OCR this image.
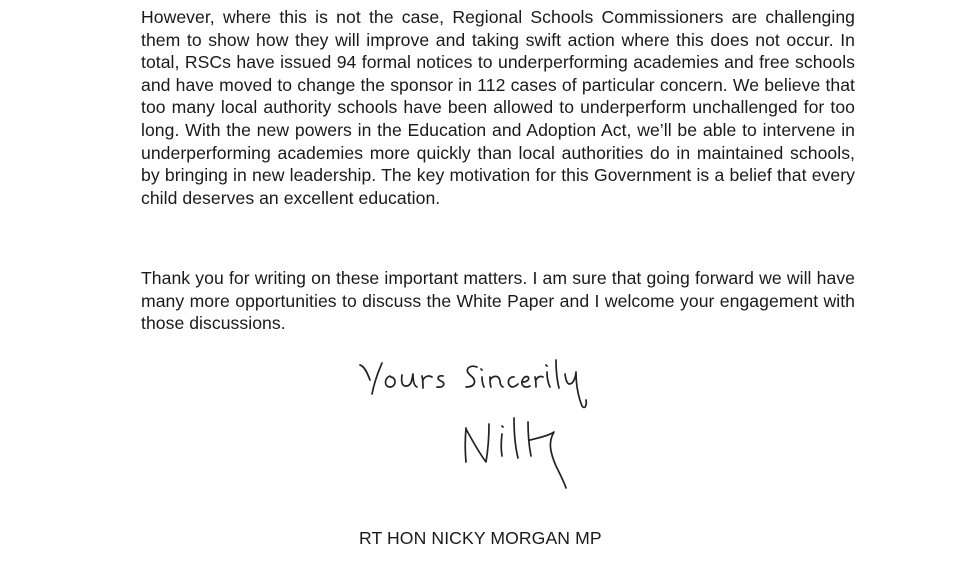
However, where this is not the case, Regional Schools Commissioners are challenging them to show how they will improve and taking swift action where this does not occur. In total, RSCs have issued 94 formal notices to underperforming academies and free schools and have moved to change the sponsor in 112 cases of particular concern. We believe that too many local authority schools have been allowed to underperform unchallenged for too long. With the new powers in the Education and Adoption Act, we’ll be able to intervene in underperforming academies more quickly than local authorities do in maintained schools, by bringing in new leadership. The key motivation for this Government is a belief that every child deserves an excellent education.

Thank you for writing on these important matters. I am sure that going forward we will have many more opportunities to discuss the White Paper and I welcome your engagement with those discussions.

RT HON NICKY MORGAN MP
